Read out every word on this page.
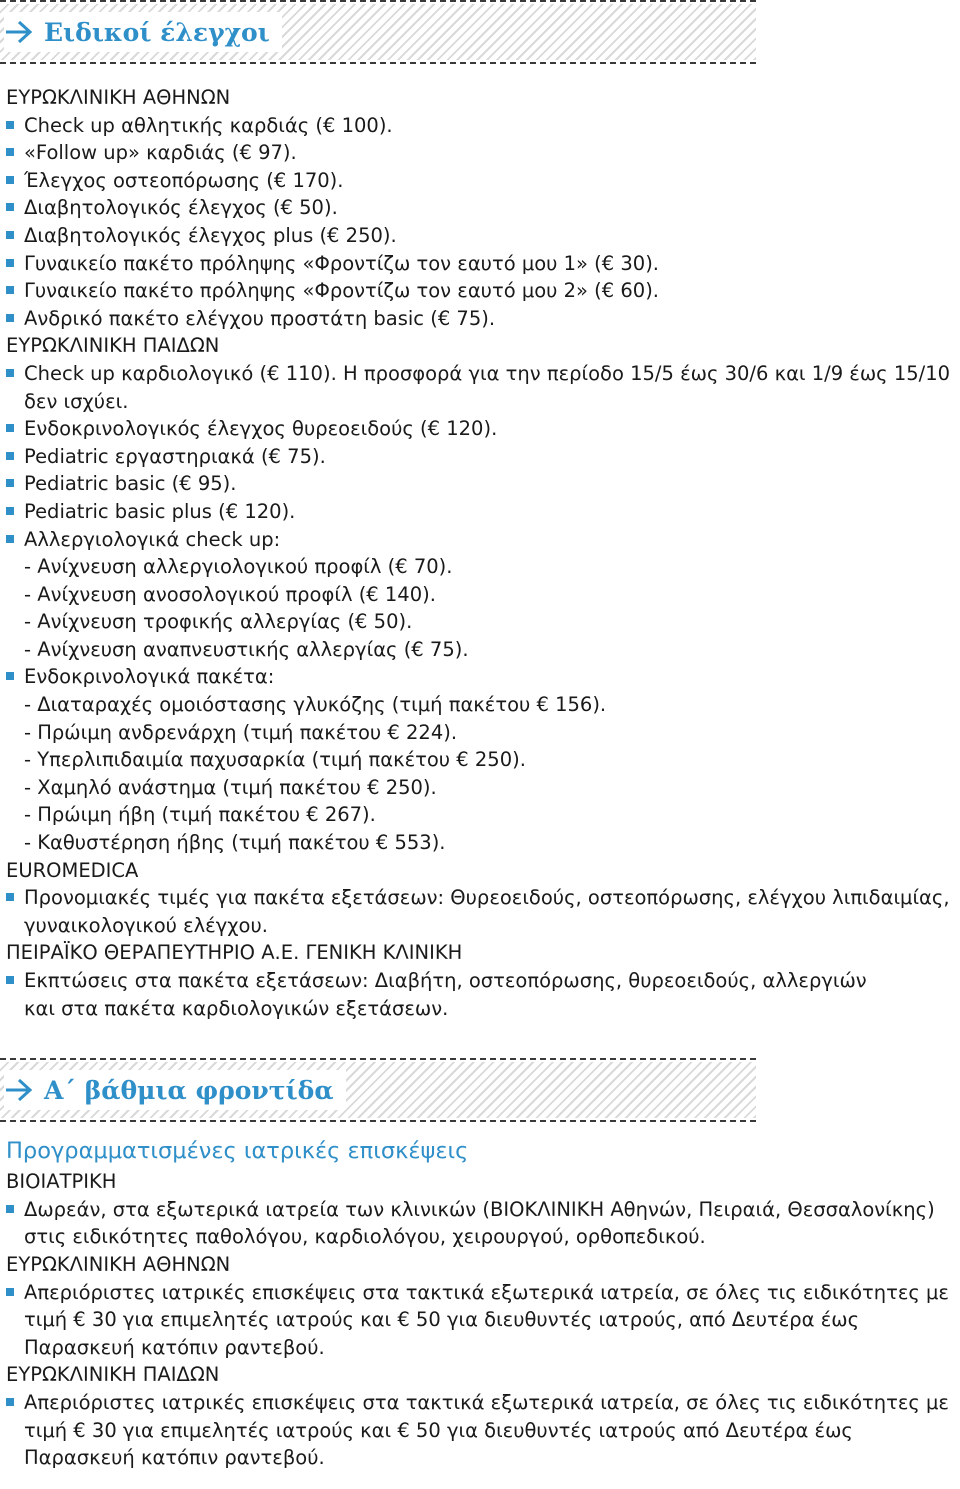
Ειδικοί έλεγχοι
ΕΥΡΩΚΛΙΝΙΚΗ ΑΘΗΝΩΝ
Check up αθλητικής καρδιάς (€ 100).
«Follow up» καρδιάς (€ 97).
Έλεγχος οστεοπόρωσης (€ 170).
Διαβητολογικός έλεγχος (€ 50).
Διαβητολογικός έλεγχος plus (€ 250).
Γυναικείο πακέτο πρόληψης «Φροντίζω τον εαυτό μου 1» (€ 30).
Γυναικείο πακέτο πρόληψης «Φροντίζω τον εαυτό μου 2» (€ 60).
Ανδρικό πακέτο ελέγχου προστάτη basic (€ 75).
ΕΥΡΩΚΛΙΝΙΚΗ ΠΑΙΔΩΝ
Check up καρδιολογικό (€ 110). Η προσφορά για την περίοδο 15/5 έως 30/6 και 1/9 έως 15/10 δεν ισχύει.
Ενδοκρινολογικός έλεγχος θυρεοειδούς (€ 120).
Pediatric εργαστηριακά (€ 75).
Pediatric basic (€ 95).
Pediatric basic plus (€ 120).
Αλλεργιολογικά check up:
- Ανίχνευση αλλεργιολογικού προφίλ (€ 70).
- Ανίχνευση ανοσολογικού προφίλ (€ 140).
- Ανίχνευση τροφικής αλλεργίας (€ 50).
- Ανίχνευση αναπνευστικής αλλεργίας (€ 75).
Ενδοκρινολογικά πακέτα:
- Διαταραχές ομοιόστασης γλυκόζης (τιμή πακέτου € 156).
- Πρώιμη ανδρενάρχη (τιμή πακέτου € 224).
- Υπερλιπιδαιμία παχυσαρκία (τιμή πακέτου € 250).
- Χαμηλό ανάστημα (τιμή πακέτου € 250).
- Πρώιμη ήβη (τιμή πακέτου € 267).
- Καθυστέρηση ήβης (τιμή πακέτου € 553).
EUROMEDICA
Προνομιακές τιμές για πακέτα εξετάσεων: Θυρεοειδούς, οστεοπόρωσης, ελέγχου λιπιδαιμίας, γυναικολογικού ελέγχου.
ΠΕΙΡΑΪΚΟ ΘΕΡΑΠΕΥΤΗΡΙΟ Α.Ε. ΓΕΝΙΚΗ ΚΛΙΝΙΚΗ
Εκπτώσεις στα πακέτα εξετάσεων: Διαβήτη, οστεοπόρωσης, θυρεοειδούς, αλλεργιών
και στα πακέτα καρδιολογικών εξετάσεων.
Α΄ βάθμια φροντίδα
Προγραμματισμένες ιατρικές επισκέψεις
ΒΙΟΙΑΤΡΙΚΗ
Δωρεάν, στα εξωτερικά ιατρεία των κλινικών (ΒΙΟΚΛΙΝΙΚΗ Αθηνών, Πειραιά, Θεσσαλονίκης) στις ειδικότητες παθολόγου, καρδιολόγου, χειρουργού, ορθοπεδικού.
ΕΥΡΩΚΛΙΝΙΚΗ ΑΘΗΝΩΝ
Απεριόριστες ιατρικές επισκέψεις στα τακτικά εξωτερικά ιατρεία, σε όλες τις ειδικότητες με τιμή € 30 για επιμελητές ιατρούς και € 50 για διευθυντές ιατρούς, από Δευτέρα έως Παρασκευή κατόπιν ραντεβού.
ΕΥΡΩΚΛΙΝΙΚΗ ΠΑΙΔΩΝ
Απεριόριστες ιατρικές επισκέψεις στα τακτικά εξωτερικά ιατρεία, σε όλες τις ειδικότητες με τιμή € 30 για επιμελητές ιατρούς και € 50 για διευθυντές ιατρούς από Δευτέρα έως Παρασκευή κατόπιν ραντεβού.
